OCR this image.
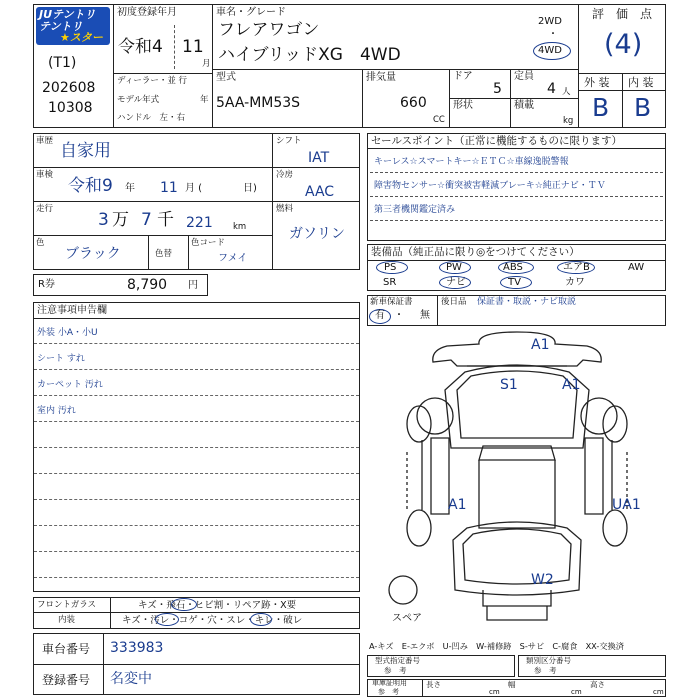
JUテントリ
テントリ
★スター
(T1)
202608
10308
初度登録年月
令和4 11
月
ディーラー・並 行
モデル年式	年
ハンドル　左・右
車名・グレード
フレアワゴン
ハイブリッドXG　4WD
2WD
・
4WD
型式
5AA-MM53S
排気量
660
CC
ドア
5
形状
定員
4 人
積載
kg
評　価　点
(4)
外 装 内 装
B B
車歴 自家用
車検
令和9 年 11 月 (	日)
走行
3 万 7 千 221 km
色
ブラック	色替
色コード
フメイ
シフト
IAT
冷房
AAC
燃料
ガソリン
R券	8,790 円
セールスポイント（正常に機能するものに限ります）
キーレス☆スマートキー☆ＥＴＣ☆車線逸脱警報
障害物センサー☆衝突被害軽減ブレーキ☆純正ナビ・ＴＶ
第三者機関鑑定済み
装備品（純正品に限り◎をつけてください）
PS	PW	ABS	エアB	AW
SR	ナビ	TV	カワ
新車保証書
有 ・ 無
後日品 保証書・取説・ナビ取説
注意事項申告欄
外装 小A・小U
シート すれ
カーペット 汚れ
室内 汚れ
A1
S1	A1
A1	UA1
W2
スペア
フロントガラス	キズ・飛石・ヒビ割・リペア跡・X要
内装	キズ・汚レ・コゲ・穴・スレ・キレ・破レ
車台番号 333983
登録番号 名変中
A-キズ　E-エクボ　U-凹み　W-補修跡　S-サビ　C-腐食　XX-交換済
型式指定番号
参　考
類別区分番号
参　考
車庫証明用
参　考
長さ
cm
幅
cm
高さ
cm
